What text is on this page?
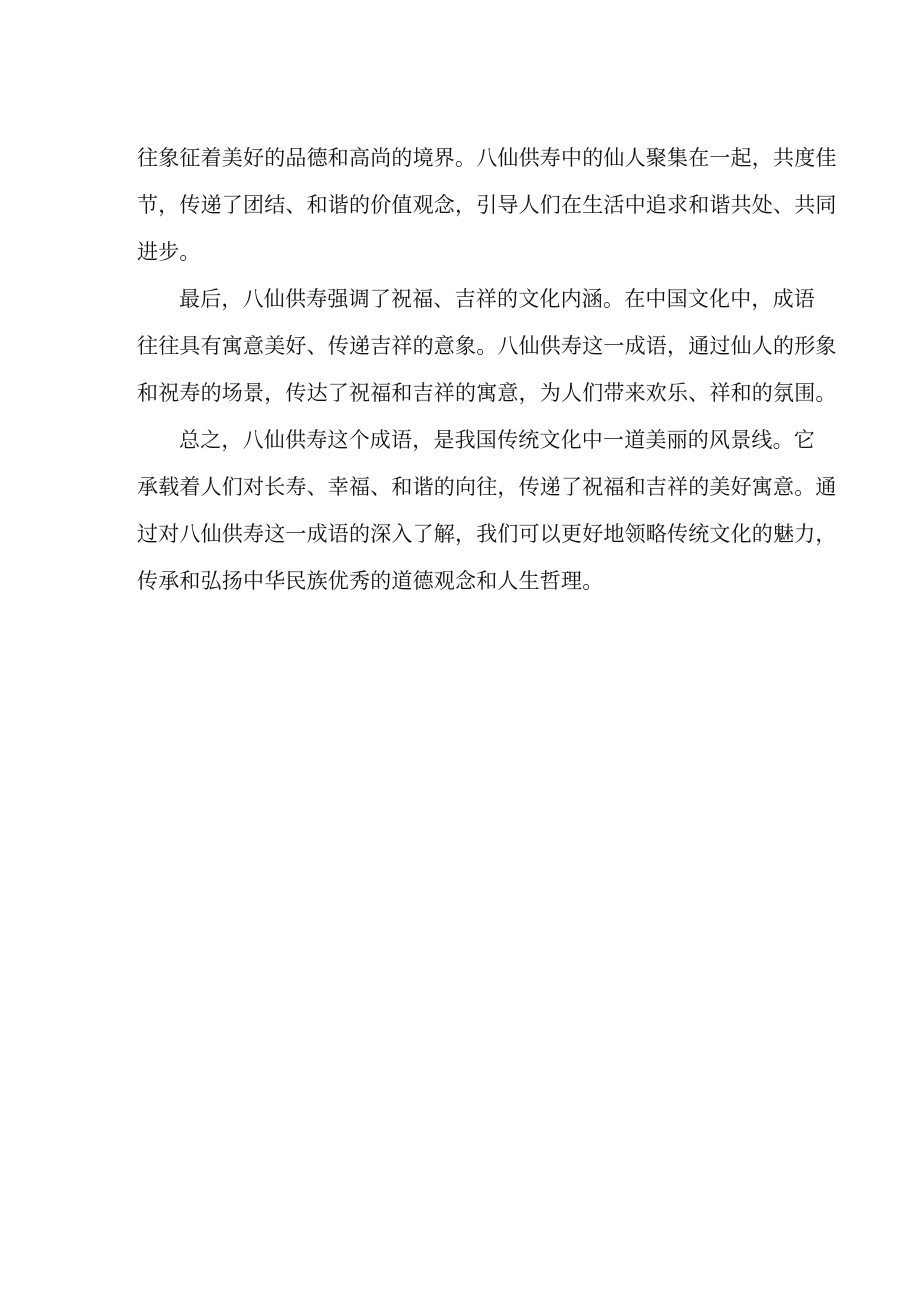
往象征着美好的品德和高尚的境界。八仙供寿中的仙人聚集在一起，共度佳
节，传递了团结、和谐的价值观念，引导人们在生活中追求和谐共处、共同
进步。
最后，八仙供寿强调了祝福、吉祥的文化内涵。在中国文化中，成语
往往具有寓意美好、传递吉祥的意象。八仙供寿这一成语，通过仙人的形象
和祝寿的场景，传达了祝福和吉祥的寓意，为人们带来欢乐、祥和的氛围。
总之，八仙供寿这个成语，是我国传统文化中一道美丽的风景线。它
承载着人们对长寿、幸福、和谐的向往，传递了祝福和吉祥的美好寓意。通
过对八仙供寿这一成语的深入了解，我们可以更好地领略传统文化的魅力，
传承和弘扬中华民族优秀的道德观念和人生哲理。
